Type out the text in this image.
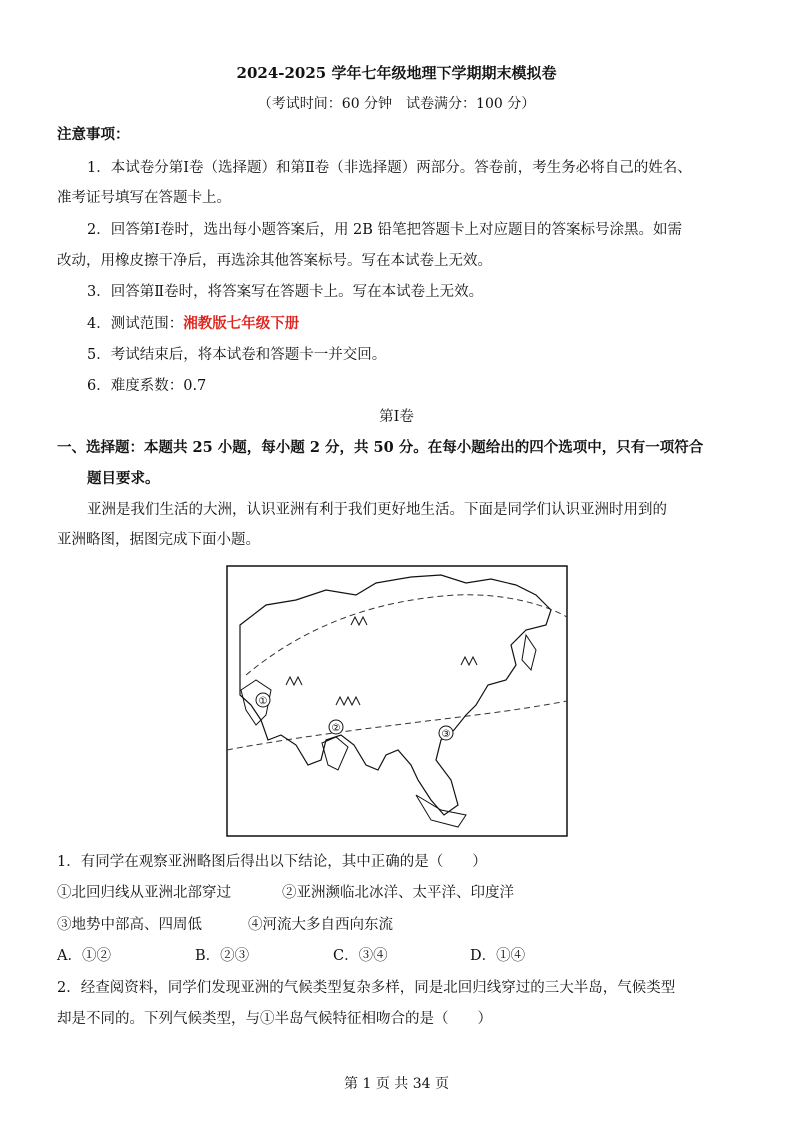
2024-2025 学年七年级地理下学期期末模拟卷
（考试时间：60 分钟　试卷满分：100 分）
注意事项：
1．本试卷分第Ⅰ卷（选择题）和第Ⅱ卷（非选择题）两部分。答卷前，考生务必将自己的姓名、
准考证号填写在答题卡上。
2．回答第Ⅰ卷时，选出每小题答案后，用 2B 铅笔把答题卡上对应题目的答案标号涂黑。如需
改动，用橡皮擦干净后，再选涂其他答案标号。写在本试卷上无效。
3．回答第Ⅱ卷时，将答案写在答题卡上。写在本试卷上无效。
4．测试范围：湘教版七年级下册
5．考试结束后，将本试卷和答题卡一并交回。
6．难度系数：0.7
第Ⅰ卷
一、选择题：本题共 25 小题，每小题 2 分，共 50 分。在每小题给出的四个选项中，只有一项符合
题目要求。
亚洲是我们生活的大洲，认识亚洲有利于我们更好地生活。下面是同学们认识亚洲时用到的
亚洲略图，据图完成下面小题。
①
②
③
1．有同学在观察亚洲略图后得出以下结论，其中正确的是（　　）
①北回归线从亚洲北部穿过	②亚洲濒临北冰洋、太平洋、印度洋
③地势中部高、四周低	④河流大多自西向东流
A．①②	B．②③	C．③④	D．①④
2．经查阅资料，同学们发现亚洲的气候类型复杂多样，同是北回归线穿过的三大半岛，气候类型
却是不同的。下列气候类型，与①半岛气候特征相吻合的是（　　）
第 1 页 共 34 页
